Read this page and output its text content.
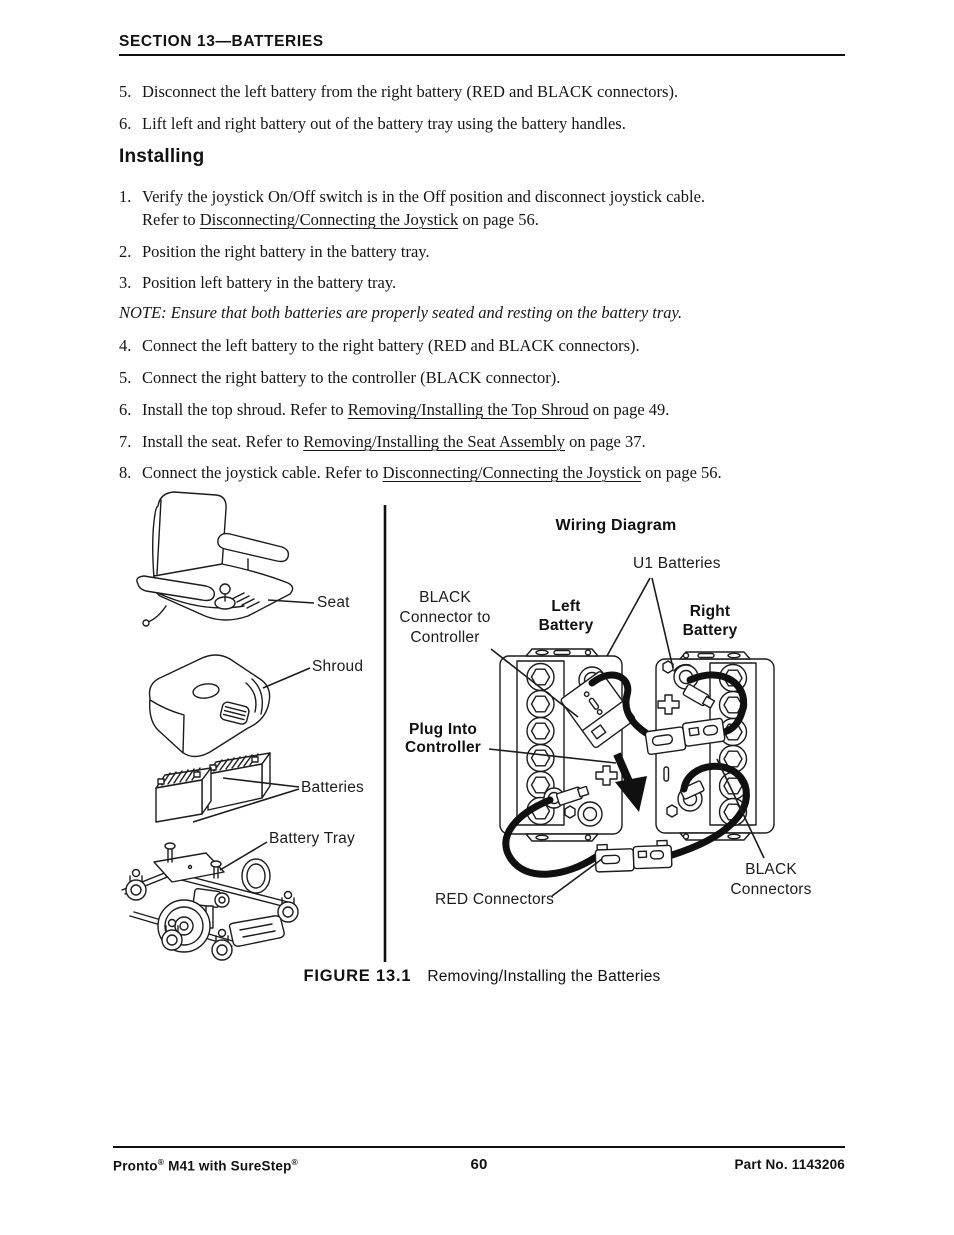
SECTION 13—BATTERIES
5. Disconnect the left battery from the right battery (RED and BLACK connectors).
6. Lift left and right battery out of the battery tray using the battery handles.
Installing
1. Verify the joystick On/Off switch is in the Off position and disconnect joystick cable.
Refer to Disconnecting/Connecting the Joystick on page 56.
2. Position the right battery in the battery tray.
3. Position left battery in the battery tray.
NOTE: Ensure that both batteries are properly seated and resting on the battery tray.
4. Connect the left battery to the right battery (RED and BLACK connectors).
5. Connect the right battery to the controller (BLACK connector).
6. Install the top shroud. Refer to Removing/Installing the Top Shroud on page 49.
7. Install the seat. Refer to Removing/Installing the Seat Assembly on page 37.
8. Connect the joystick cable. Refer to Disconnecting/Connecting the Joystick on page 56.
Seat
Shroud
Batteries
Battery Tray
Wiring Diagram
U1 Batteries
BLACK Connector to Controller
Left Battery
Right Battery
Plug Into Controller
RED Connectors
BLACK Connectors
FIGURE 13.1 Removing/Installing the Batteries
Pronto® M41 with SureStep®	60	Part No. 1143206
